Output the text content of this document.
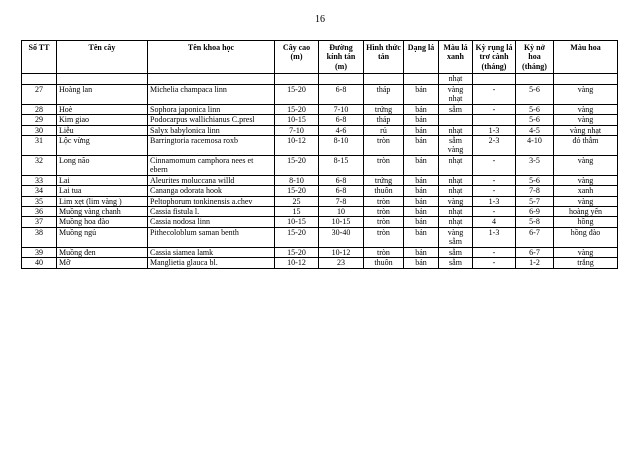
16
Số TT	Tên cây	Tên khoa học	Cây cao (m)	Đường kính tán (m)	Hình thức tán	Dạng lá	Màu lá xanh	Kỳ rụng lá trơ cành (tháng)	Kỳ nở hoa (tháng)	Màu hoa
							nhạt			
27	Hoàng lan	Michelia champaca linn	15-20	6-8	tháp	bản	vàng nhạt	-	5-6	vàng
28	Hoè	Sophora japonica linn	15-20	7-10	trứng	bản	sẫm	-	5-6	vàng
29	Kim giao	Podocarpus wallichianus C.presl	10-15	6-8	tháp	bản			5-6	vàng
30	Liễu	Salyx babylonica linn	7-10	4-6	rủ	bản	nhạt	1-3	4-5	vàng nhạt
31	Lộc vừng	Barringtoria racemosa roxb	10-12	8-10	tròn	bản	sẫm vàng	2-3	4-10	đỏ thẫm
32	Long não	Cinnamomum camphora nees et ebern	15-20	8-15	tròn	bản	nhạt	-	3-5	vàng
33	Lai	Aleurites moluccana willd	8-10	6-8	trứng	bản	nhạt	-	5-6	vàng
34	Lai tua	Cananga odorata hook	15-20	6-8	thuôn	bản	nhạt	-	7-8	xanh
35	Lim xẹt (lim vàng )	Peltophorum tonkinensis a.chev	25	7-8	tròn	bản	vàng	1-3	5-7	vàng
36	Muồng vàng chanh	Cassia fistula l.	15	10	tròn	bản	nhạt	-	6-9	hoàng yến
37	Muồng hoa đào	Cassia nodosa linn	10-15	10-15	tròn	bản	nhạt	4	5-8	hồng
38	Muồng ngủ	Pithecoloblum saman benth	15-20	30-40	tròn	bản	vàng sẫm	1-3	6-7	hồng đào
39	Muồng đen	Cassia siamea lamk	15-20	10-12	tròn	bản	sẫm	-	6-7	vàng
40	Mỡ	Manglietia glauca bl.	10-12	23	thuôn	bản	sẫm	-	1-2	trắng
